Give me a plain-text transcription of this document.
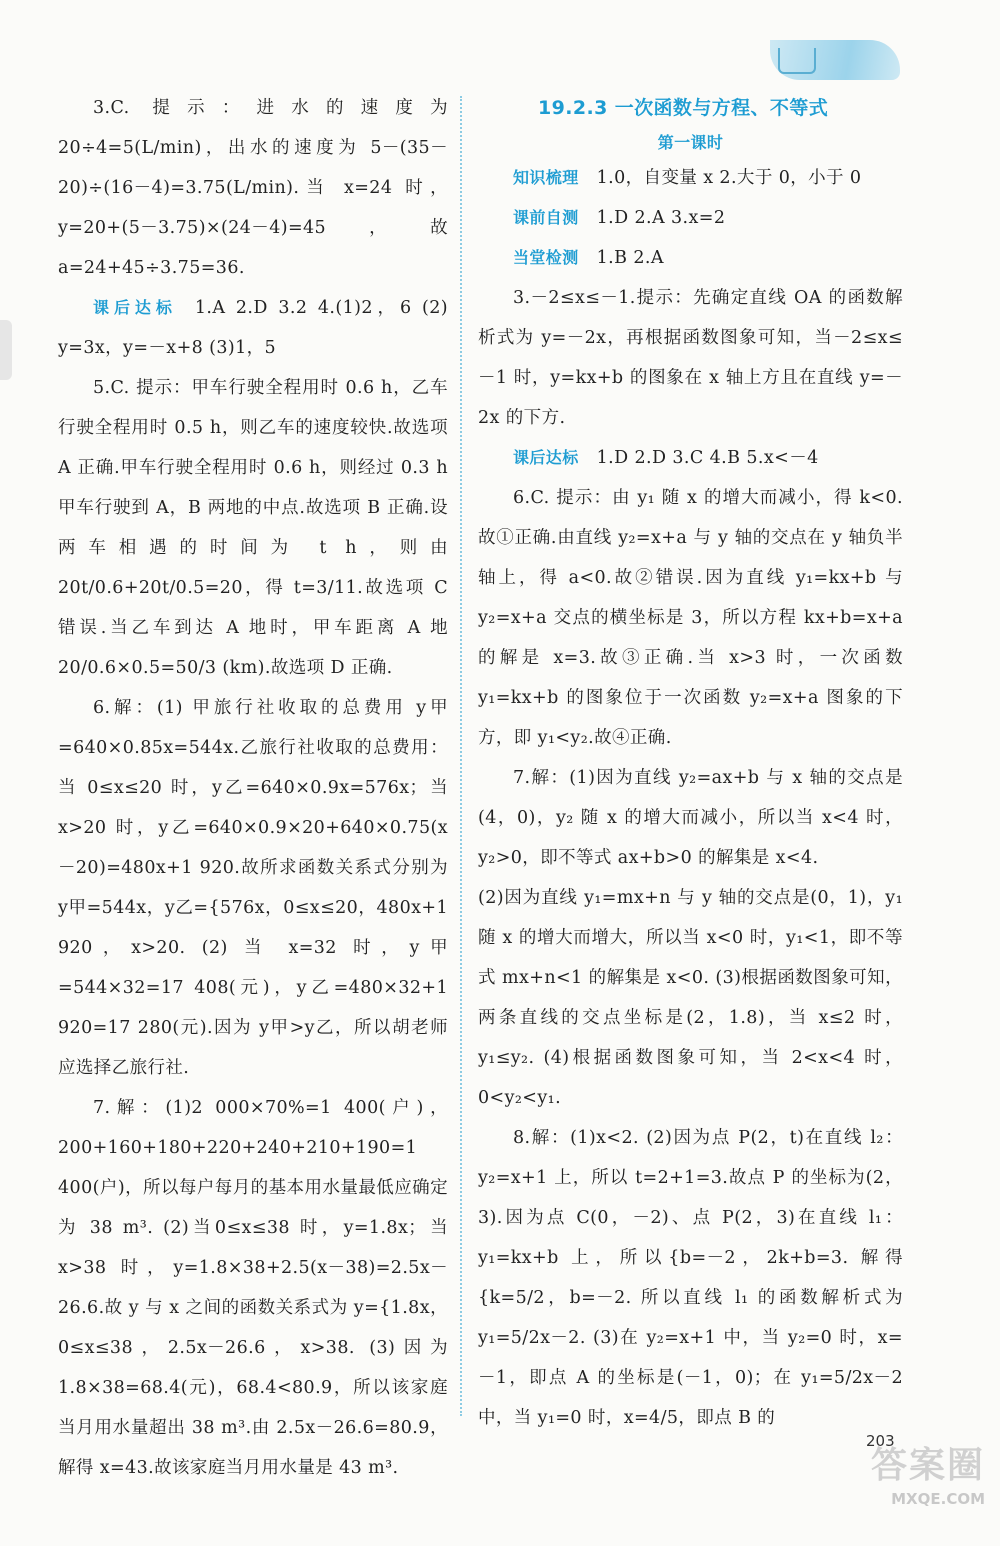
3.C. 提示：进水的速度为 20÷4=5(L/min)，出水的速度为 5－(35－20)÷(16－4)=3.75(L/min).当 x=24 时，y=20+(5－3.75)×(24－4)=45，故 a=24+45÷3.75=36.

课后达标 1.A 2.D 3.2 4.(1)2，6 (2) y=3x，y=－x+8 (3)1，5

5.C. 提示：甲车行驶全程用时 0.6 h，乙车行驶全程用时 0.5 h，则乙车的速度较快.故选项 A 正确.甲车行驶全程用时 0.6 h，则经过 0.3 h 甲车行驶到 A，B 两地的中点.故选项 B 正确.设两车相遇的时间为 t h，则由 20t/0.6+20t/0.5=20，得 t=3/11.故选项 C 错误.当乙车到达 A 地时，甲车距离 A 地 20/0.6×0.5=50/3 (km).故选项 D 正确.

6.解：(1) 甲旅行社收取的总费用 y甲=640×0.85x=544x.乙旅行社收取的总费用：当 0≤x≤20 时，y乙=640×0.9x=576x；当 x>20 时，y乙=640×0.9×20+640×0.75(x－20)=480x+1 920.故所求函数关系式分别为 y甲=544x，y乙={576x，0≤x≤20，480x+1 920，x>20. (2) 当 x=32 时，y甲=544×32=17 408(元)，y乙=480×32+1 920=17 280(元).因为 y甲>y乙，所以胡老师应选择乙旅行社.

7.解：(1)2 000×70%=1 400(户)，200+160+180+220+240+210+190=1 400(户)，所以每户每月的基本用水量最低应确定为 38 m³. (2)当0≤x≤38 时，y=1.8x；当 x>38 时，y=1.8×38+2.5(x－38)=2.5x－26.6.故 y 与 x 之间的函数关系式为 y={1.8x，0≤x≤38，2.5x－26.6，x>38. (3)因为 1.8×38=68.4(元)，68.4<80.9，所以该家庭当月用水量超出 38 m³.由 2.5x－26.6=80.9，解得 x=43.故该家庭当月用水量是 43 m³.

19.2.3 一次函数与方程、不等式

第一课时

知识梳理 1.0，自变量 x 2.大于 0，小于 0

课前自测 1.D 2.A 3.x=2

当堂检测 1.B 2.A

3.－2≤x≤－1.提示：先确定直线 OA 的函数解析式为 y=－2x，再根据函数图象可知，当－2≤x≤－1 时，y=kx+b 的图象在 x 轴上方且在直线 y=－2x 的下方.

课后达标 1.D 2.D 3.C 4.B 5.x<－4

6.C. 提示：由 y₁ 随 x 的增大而减小，得 k<0.故①正确.由直线 y₂=x+a 与 y 轴的交点在 y 轴负半轴上，得 a<0.故②错误.因为直线 y₁=kx+b 与 y₂=x+a 交点的横坐标是 3，所以方程 kx+b=x+a 的解是 x=3.故③正确.当 x>3 时，一次函数 y₁=kx+b 的图象位于一次函数 y₂=x+a 图象的下方，即 y₁<y₂.故④正确.

7.解：(1)因为直线 y₂=ax+b 与 x 轴的交点是(4，0)，y₂ 随 x 的增大而减小，所以当 x<4 时，y₂>0，即不等式 ax+b>0 的解集是 x<4.

(2)因为直线 y₁=mx+n 与 y 轴的交点是(0，1)，y₁ 随 x 的增大而增大，所以当 x<0 时，y₁<1，即不等式 mx+n<1 的解集是 x<0. (3)根据函数图象可知，两条直线的交点坐标是(2，1.8)，当 x≤2 时，y₁≤y₂. (4)根据函数图象可知，当 2<x<4 时，0<y₂<y₁.

8.解：(1)x<2. (2)因为点 P(2，t)在直线 l₂：y₂=x+1 上，所以 t=2+1=3.故点 P 的坐标为(2，3).因为点 C(0，－2)、点 P(2，3)在直线 l₁：y₁=kx+b 上，所以{b=－2，2k+b=3. 解得{k=5/2，b=－2. 所以直线 l₁ 的函数解析式为 y₁=5/2x－2. (3)在 y₂=x+1 中，当 y₂=0 时，x=－1，即点 A 的坐标是(－1，0)；在 y₁=5/2x－2 中，当 y₁=0 时，x=4/5，即点 B 的

203
答案圈
MXQE.COM
